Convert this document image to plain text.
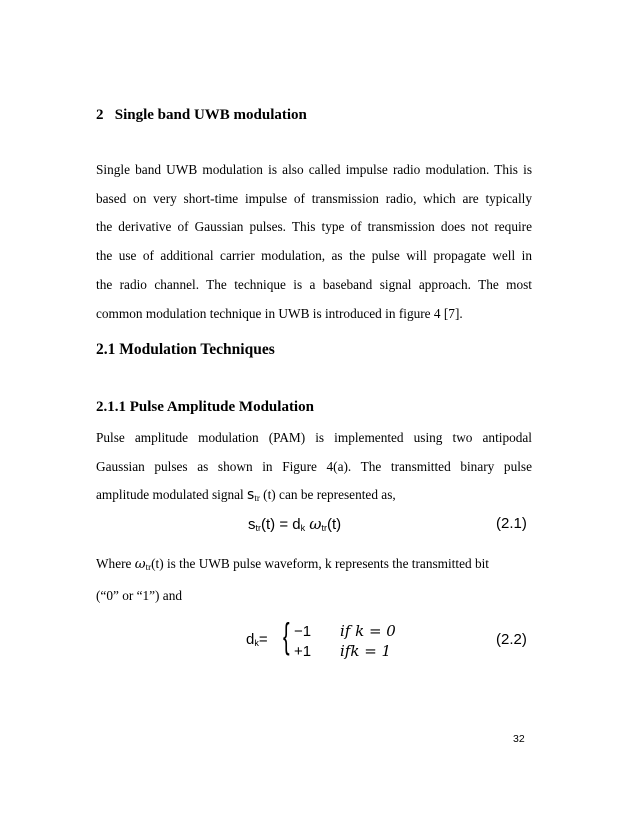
2   Single band UWB modulation
Single band UWB modulation is also called impulse radio modulation. This is
based on very short-time impulse of transmission radio, which are typically
the derivative of Gaussian pulses. This type of transmission does not require
the use of additional carrier modulation, as the pulse will propagate well in
the radio channel. The technique is a baseband signal approach. The most
common modulation technique in UWB is introduced in figure 4 [7].
2.1 Modulation Techniques
2.1.1 Pulse Amplitude Modulation
Pulse amplitude modulation (PAM) is implemented using two antipodal
Gaussian pulses as shown in Figure 4(a). The transmitted binary pulse
amplitude modulated signal $s_{tr}$ (t) can be represented as,
$s_{tr}(t) = d_k$ $\omega_{tr}(t)$	(2.1)
Where $\omega_{tr}(t)$ is the UWB pulse waveform, k represents the transmitted bit
(“0” or “1”) and
$d_k=$ { −1 if k = 0
+1 ifk = 1
(2.2)
32
